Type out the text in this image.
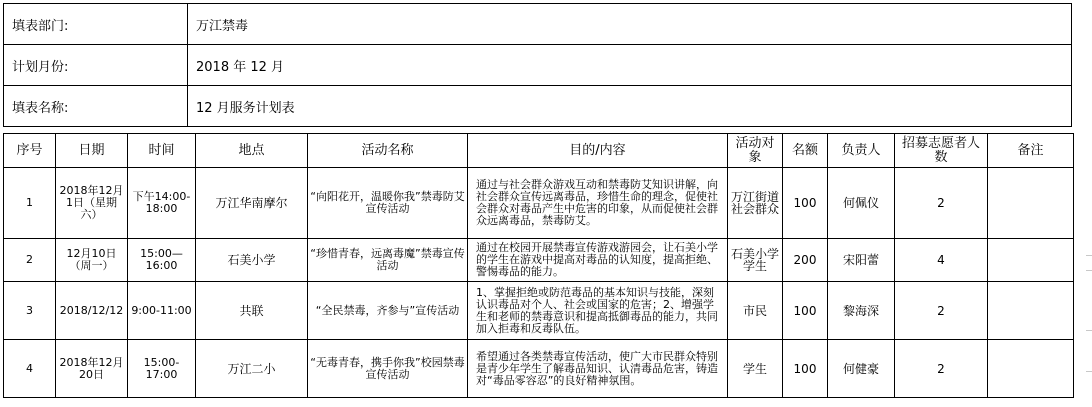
填表部门:	万江禁毒
计划月份:	2018 年 12 月
填表名称:	12 月服务计划表
序号	日期	时间	地点	活动名称	目的/内容	活动对象	名额	负责人	招募志愿者人数	备注
1	2018年12月1日（星期六）	下午14:00-18:00	万江华南摩尔	“向阳花开，温暖你我”禁毒防艾宣传活动	通过与社会群众游戏互动和禁毒防艾知识讲解，向社会群众宣传远离毒品，珍惜生命的理念，促使社会群众对毒品产生中危害的印象，从而促使社会群众远离毒品，禁毒防艾。	万江街道社会群众	100	何佩仪	2	
2	12月10日（周一）	15:00—16:00	石美小学	“珍惜青春，远离毒魔”禁毒宣传活动	通过在校园开展禁毒宣传游戏游园会，让石美小学的学生在游戏中提高对毒品的认知度，提高拒绝、警惕毒品的能力。	石美小学学生	200	宋阳蕾	4	
3	2018/12/12	9:00-11:00	共联	“全民禁毒，齐参与”宣传活动	1、掌握拒绝或防范毒品的基本知识与技能，深刻认识毒品对个人、社会或国家的危害；2、增强学生和老师的禁毒意识和提高抵御毒品的能力，共同加入拒毒和反毒队伍。	市民	100	黎海深	2	
4	2018年12月20日	15:00-17:00	万江二小	“无毒青春，携手你我”校园禁毒宣传活动	希望通过各类禁毒宣传活动，使广大市民群众特别是青少年学生了解毒品知识、认清毒品危害，铸造对“毒品零容忍”的良好精神氛围。	学生	100	何健豪	2	
